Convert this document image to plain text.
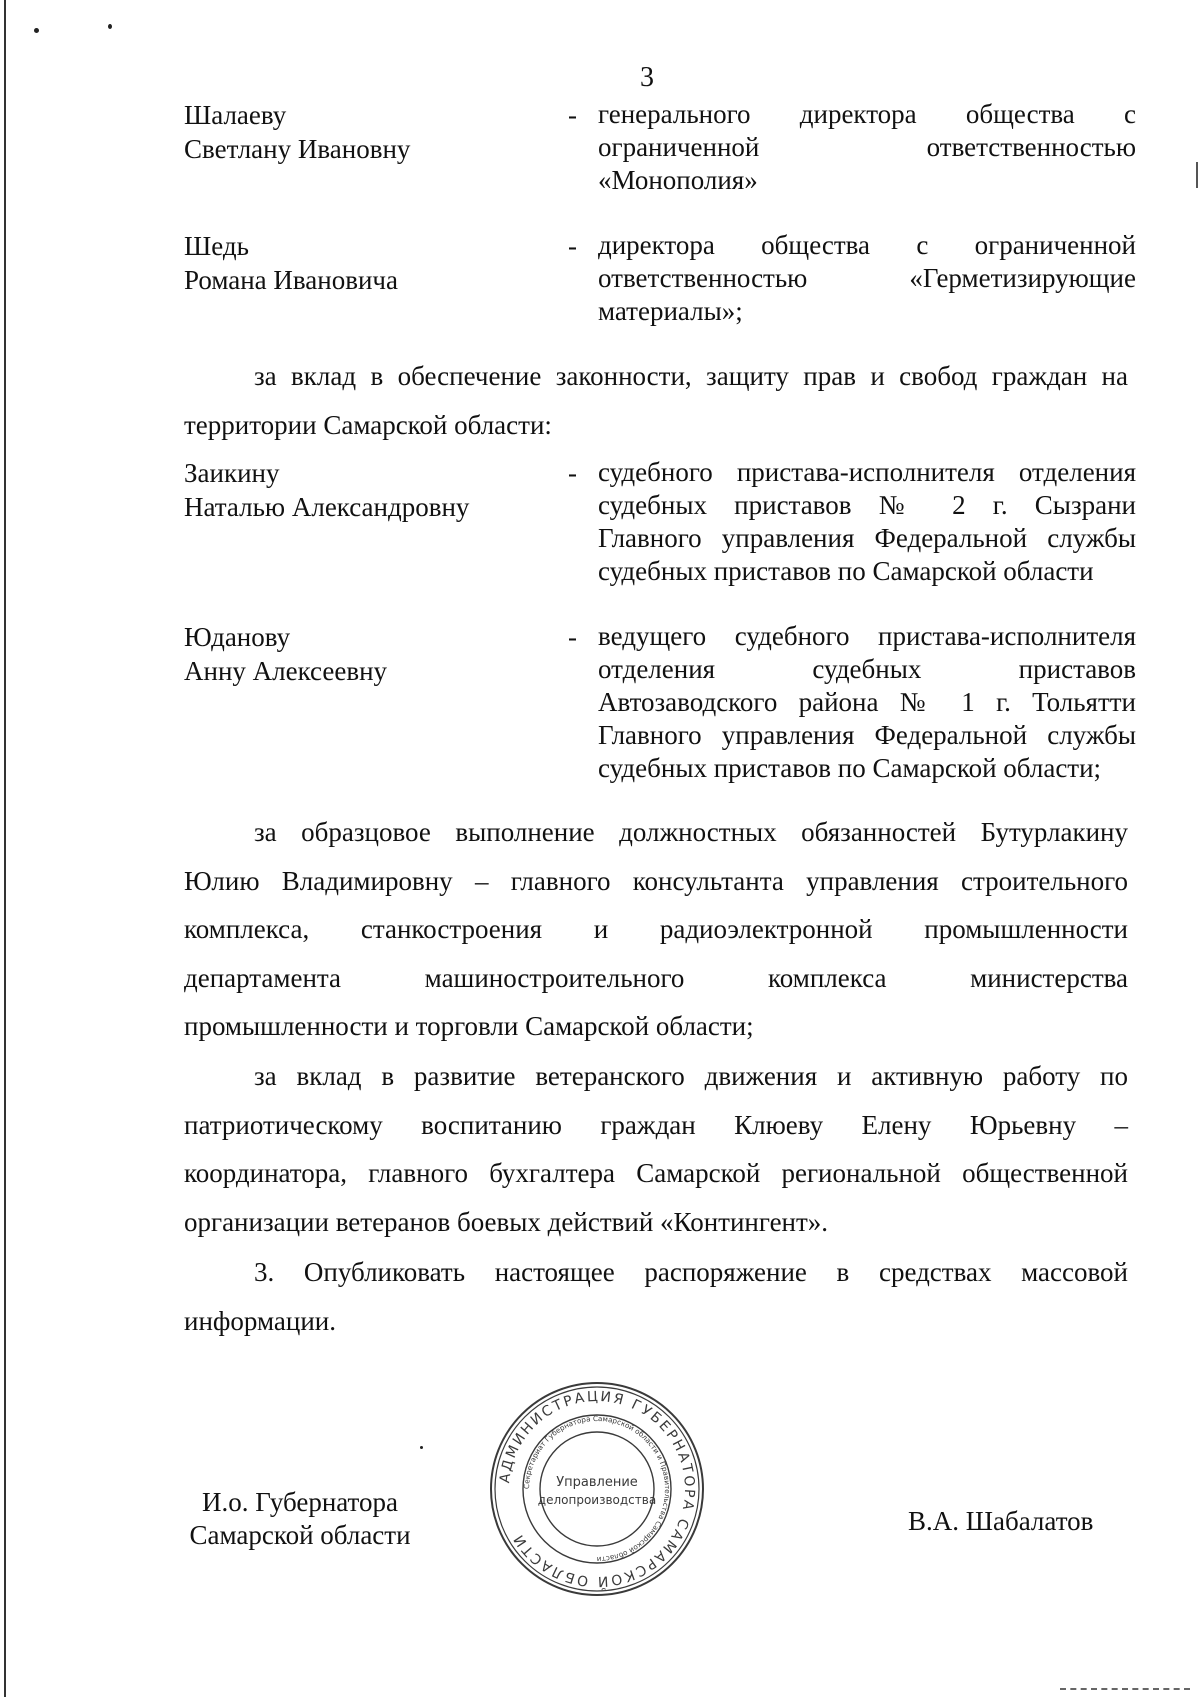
3
Шалаеву
Светлану Ивановну
- генерального директора общества с
ограниченной ответственностью
«Монополия»
Шедь
Романа Ивановича
- директора общества с ограниченной
ответственностью «Герметизирующие
материалы»;
за вклад в обеспечение законности, защиту прав и свобод граждан на
территории Самарской области:
Заикину
Наталью Александровну
- судебного пристава-исполнителя отделения
судебных приставов № 2 г. Сызрани
Главного управления Федеральной службы
судебных приставов по Самарской области
Юданову
Анну Алексеевну
- ведущего судебного пристава-исполнителя
отделения судебных приставов
Автозаводского района № 1 г. Тольятти
Главного управления Федеральной службы
судебных приставов по Самарской области;
за образцовое выполнение должностных обязанностей Бутурлакину
Юлию Владимировну – главного консультанта управления строительного
комплекса, станкостроения и радиоэлектронной промышленности
департамента машиностроительного комплекса министерства
промышленности и торговли Самарской области;
за вклад в развитие ветеранского движения и активную работу по
патриотическому воспитанию граждан Клюеву Елену Юрьевну –
координатора, главного бухгалтера Самарской региональной общественной
организации ветеранов боевых действий «Контингент».
3. Опубликовать настоящее распоряжение в средствах массовой
информации.
И.о. Губернатора
Самарской области	В.А. Шабалатов
АДМИНИСТРАЦИЯ ГУБЕРНАТОРА САМАРСКОЙ ОБЛАСТИ
Секретариат Губернатора Самарской области и Правительства Самарской области
Управление
делопроизводства
